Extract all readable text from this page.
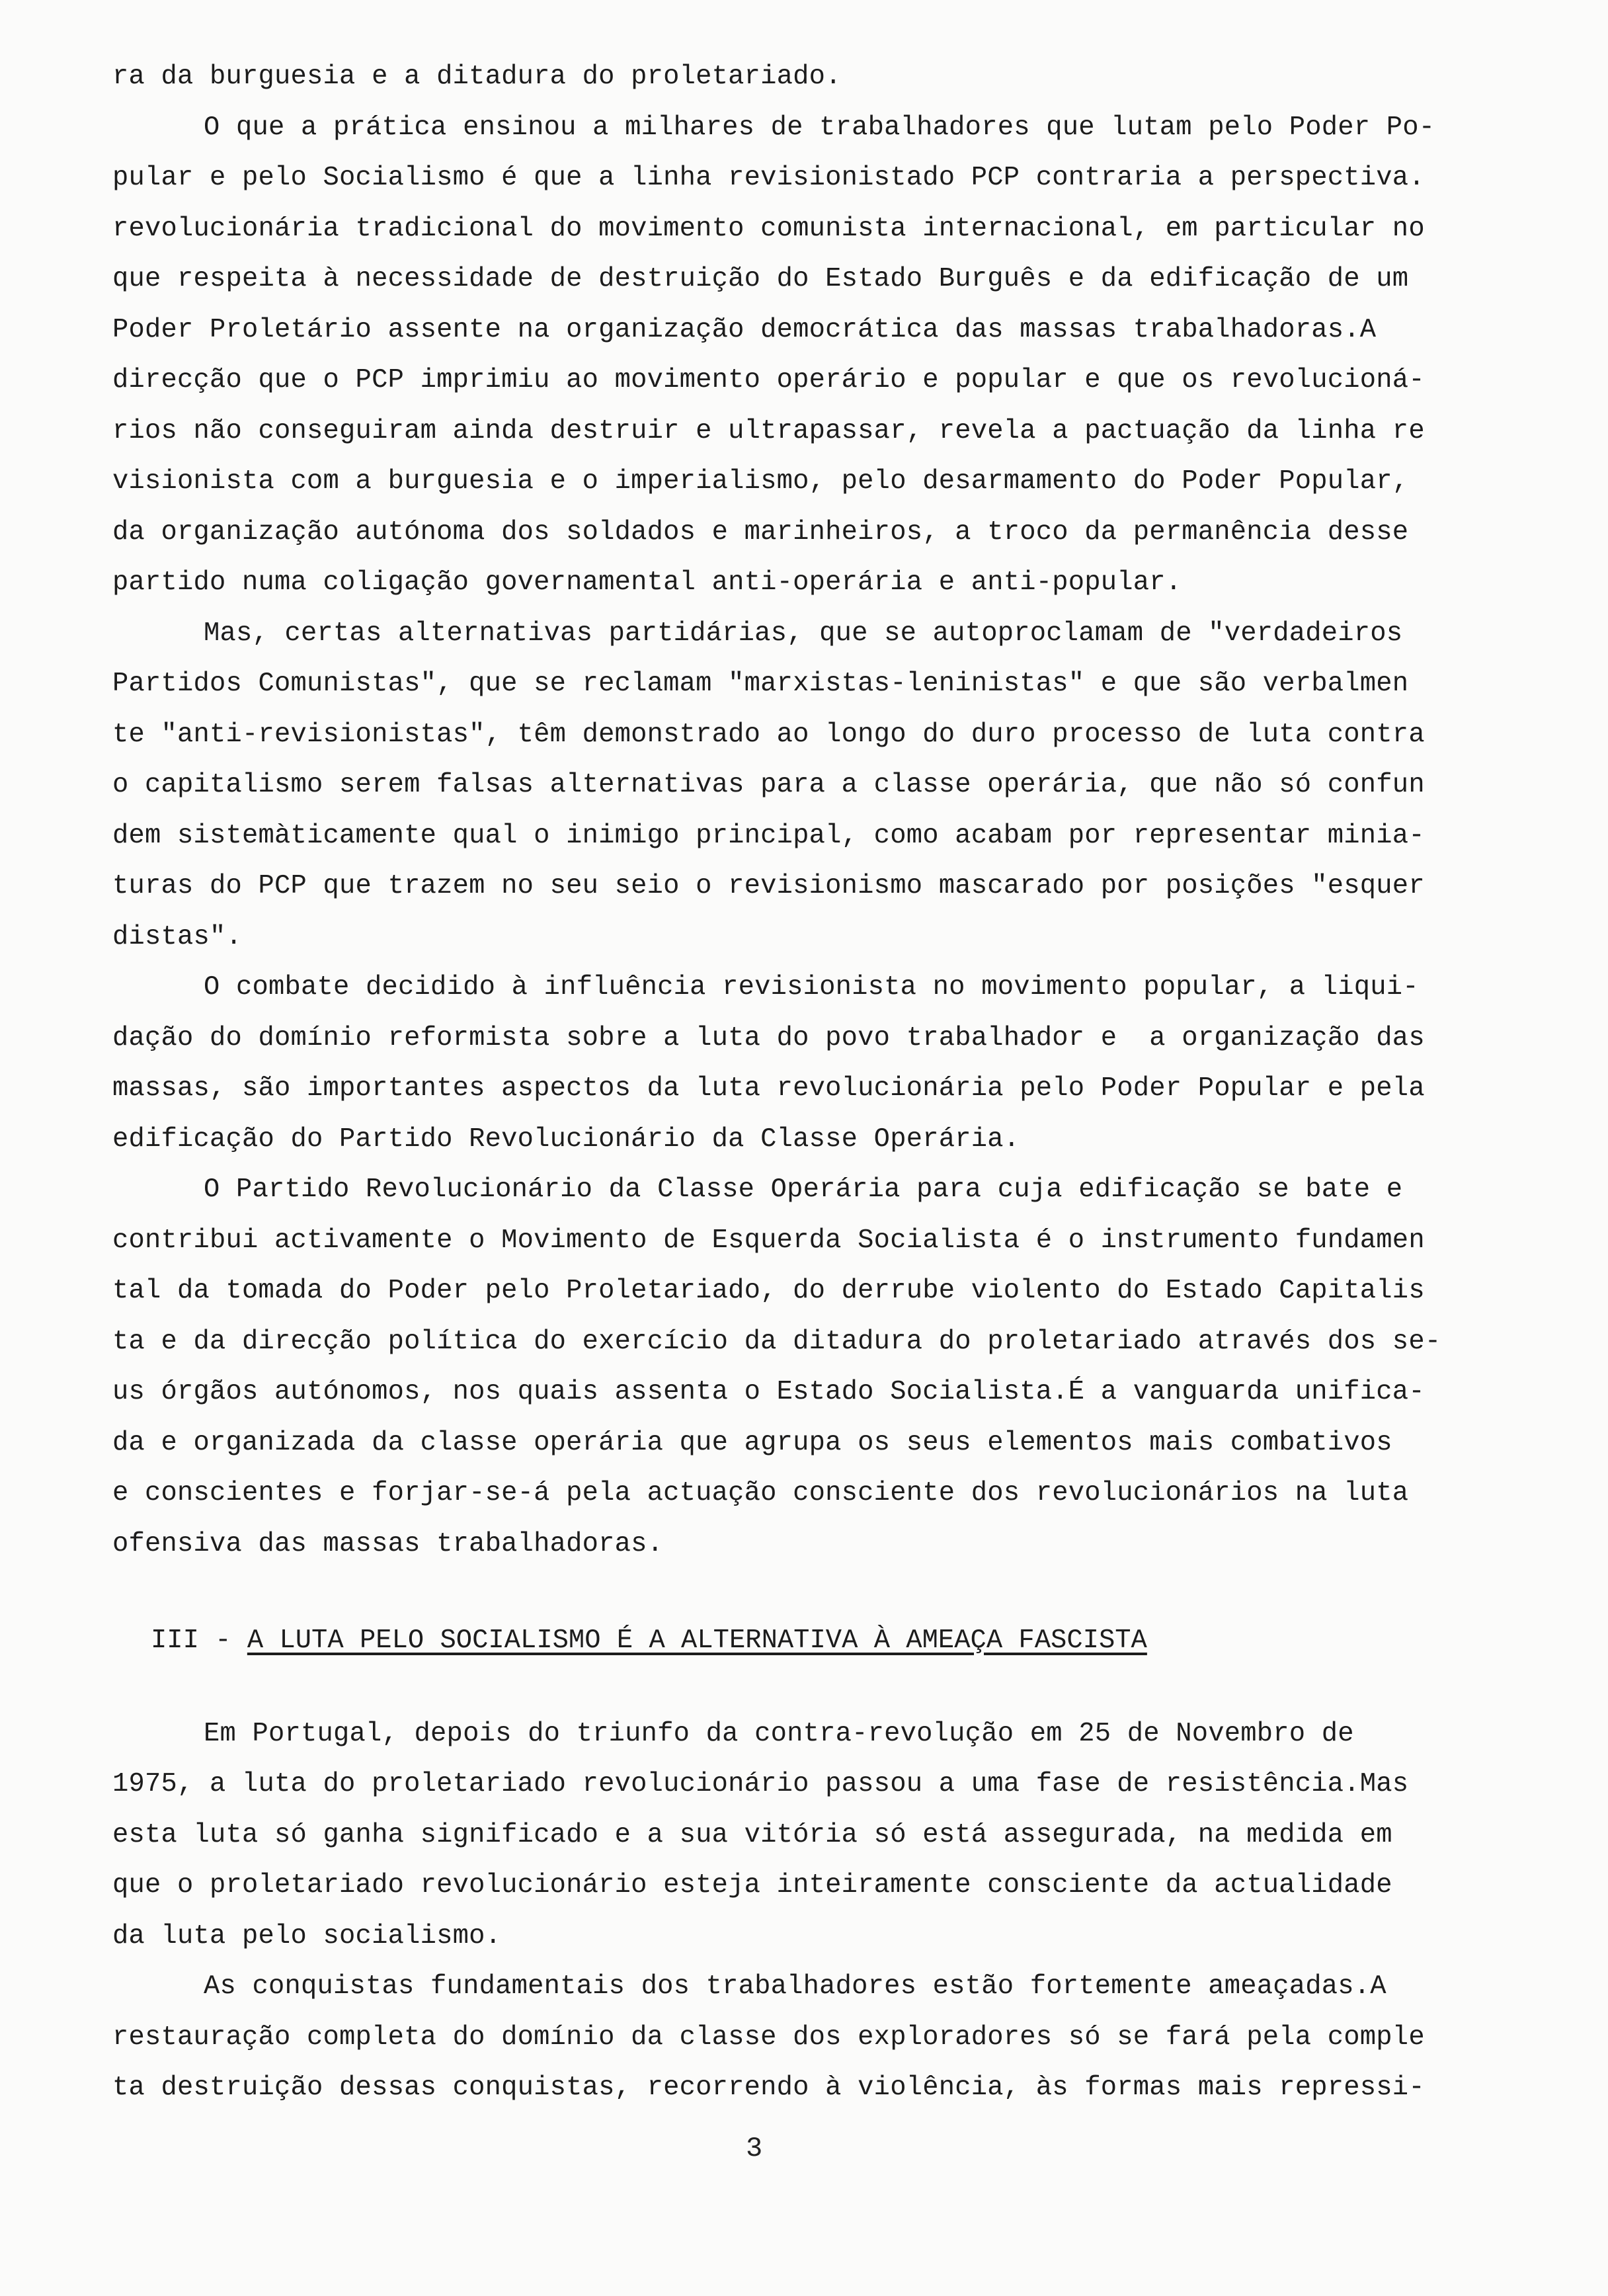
ra da burguesia e a ditadura do proletariado.
O que a prática ensinou a milhares de trabalhadores que lutam pelo Poder Po-
pular e pelo Socialismo é que a linha revisionistado PCP contraria a perspectiva.
revolucionária tradicional do movimento comunista internacional, em particular no
que respeita à necessidade de destruição do Estado Burguês e da edificação de um
Poder Proletário assente na organização democrática das massas trabalhadoras.A
direcção que o PCP imprimiu ao movimento operário e popular e que os revolucioná-
rios não conseguiram ainda destruir e ultrapassar, revela a pactuação da linha re
visionista com a burguesia e o imperialismo, pelo desarmamento do Poder Popular,
da organização autónoma dos soldados e marinheiros, a troco da permanência desse
partido numa coligação governamental anti-operária e anti-popular.
Mas, certas alternativas partidárias, que se autoproclamam de "verdadeiros
Partidos Comunistas", que se reclamam "marxistas-leninistas" e que são verbalmen
te "anti-revisionistas", têm demonstrado ao longo do duro processo de luta contra
o capitalismo serem falsas alternativas para a classe operária, que não só confun
dem sistemàticamente qual o inimigo principal, como acabam por representar minia-
turas do PCP que trazem no seu seio o revisionismo mascarado por posições "esquer
distas".
O combate decidido à influência revisionista no movimento popular, a liqui-
dação do domínio reformista sobre a luta do povo trabalhador e  a organização das
massas, são importantes aspectos da luta revolucionária pelo Poder Popular e pela
edificação do Partido Revolucionário da Classe Operária.
O Partido Revolucionário da Classe Operária para cuja edificação se bate e
contribui activamente o Movimento de Esquerda Socialista é o instrumento fundamen
tal da tomada do Poder pelo Proletariado, do derrube violento do Estado Capitalis
ta e da direcção política do exercício da ditadura do proletariado através dos se-
us órgãos autónomos, nos quais assenta o Estado Socialista.É a vanguarda unifica-
da e organizada da classe operária que agrupa os seus elementos mais combativos
e conscientes e forjar-se-á pela actuação consciente dos revolucionários na luta
ofensiva das massas trabalhadoras.
III - A LUTA PELO SOCIALISMO É A ALTERNATIVA À AMEAÇA FASCISTA
Em Portugal, depois do triunfo da contra-revolução em 25 de Novembro de
1975, a luta do proletariado revolucionário passou a uma fase de resistência.Mas
esta luta só ganha significado e a sua vitória só está assegurada, na medida em
que o proletariado revolucionário esteja inteiramente consciente da actualidade
da luta pelo socialismo.
As conquistas fundamentais dos trabalhadores estão fortemente ameaçadas.A
restauração completa do domínio da classe dos exploradores só se fará pela comple
ta destruição dessas conquistas, recorrendo à violência, às formas mais repressi-
3
